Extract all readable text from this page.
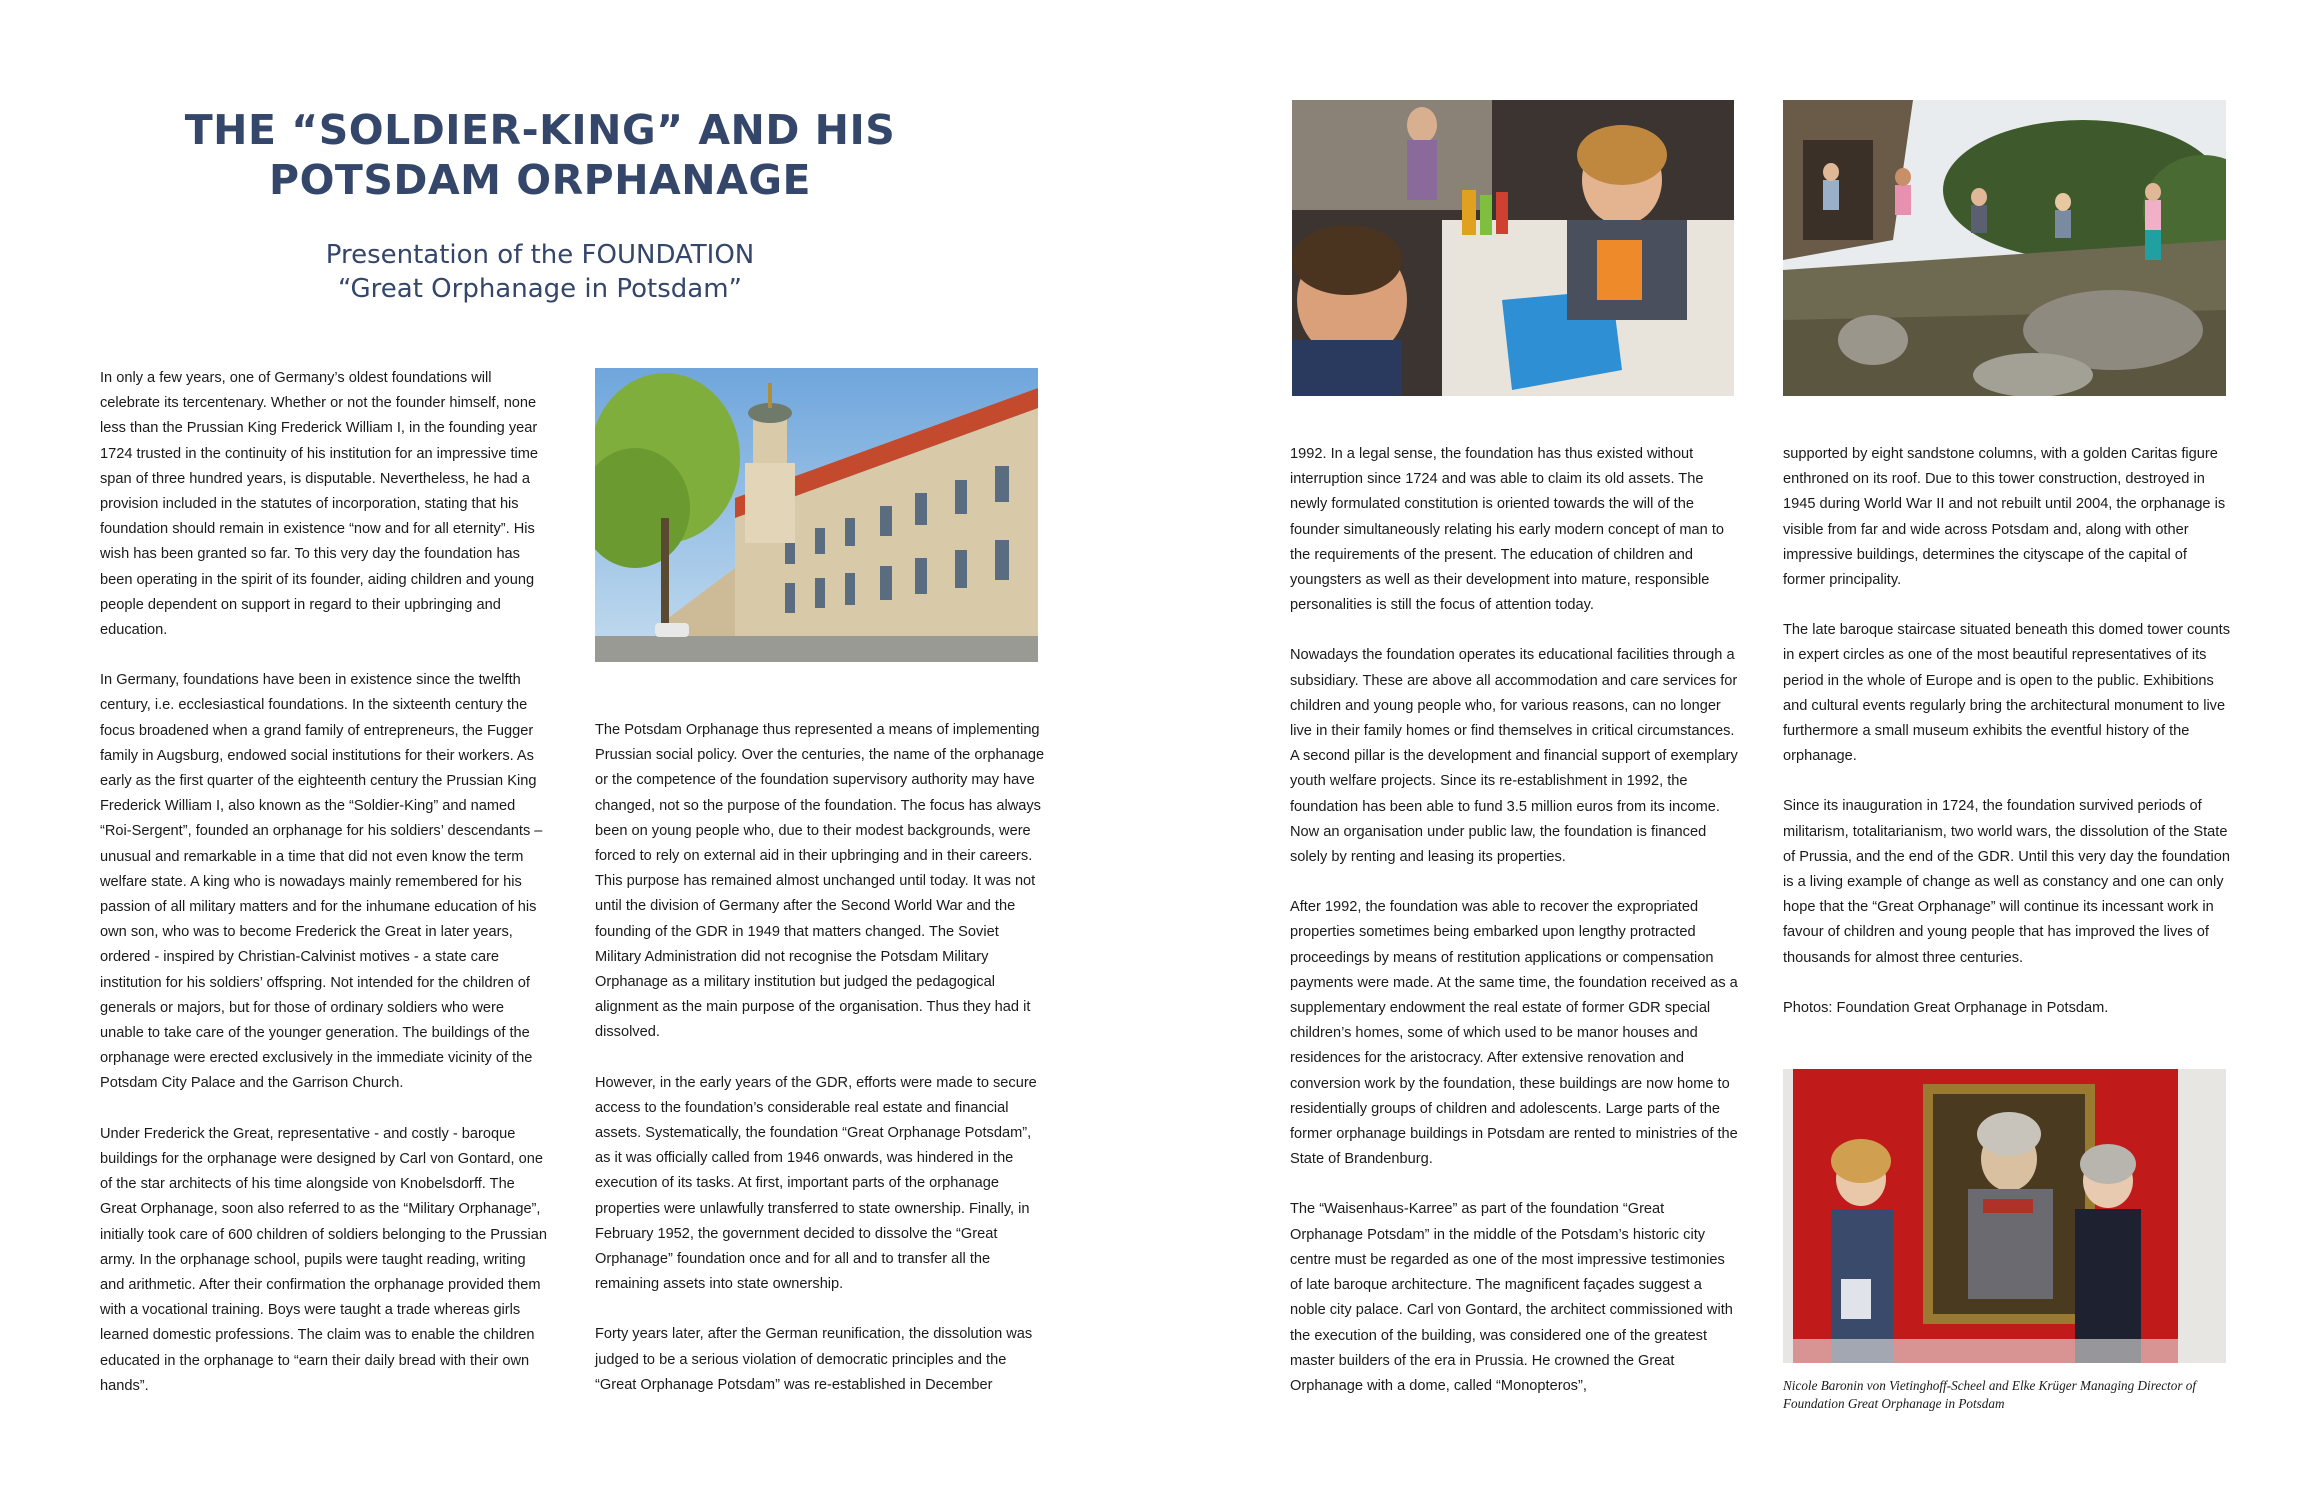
THE “SOLDIER-KING” AND HIS
POTSDAM ORPHANAGE
Presentation of the FOUNDATION
“Great Orphanage in Potsdam”

In only a few years, one of Germany’s oldest foundations will celebrate its tercentenary. Whether or not the founder himself, none less than the Prussian King Frederick William I, in the founding year 1724 trusted in the continuity of his institution for an impressive time span of three hundred years, is disputable. Nevertheless, he had a provision included in the statutes of incorporation, stating that his foundation should remain in existence “now and for all eternity”. His wish has been granted so far. To this very day the foundation has been operating in the spirit of its founder, aiding children and young people dependent on support in regard to their upbringing and education.

In Germany, foundations have been in existence since the twelfth century, i.e. ecclesiastical foundations. In the sixteenth century the focus broadened when a grand family of entrepreneurs, the Fugger family in Augsburg, endowed social institutions for their workers. As early as the first quarter of the eighteenth century the Prussian King Frederick William I, also known as the “Soldier-King” and named “Roi-Sergent”, founded an orphanage for his soldiers’ descendants – unusual and remarkable in a time that did not even know the term welfare state. A king who is nowadays mainly remembered for his passion of all military matters and for the inhumane education of his own son, who was to become Frederick the Great in later years, ordered - inspired by Christian-Calvinist motives - a state care institution for his soldiers’ offspring. Not intended for the children of generals or majors, but for those of ordinary soldiers who were unable to take care of the younger generation. The buildings of the orphanage were erected exclusively in the immediate vicinity of the Potsdam City Palace and the Garrison Church.

Under Frederick the Great, representative - and costly - baroque buildings for the orphanage were designed by Carl von Gontard, one of the star architects of his time alongside von Knobelsdorff. The Great Orphanage, soon also referred to as the “Military Orphanage”, initially took care of 600 children of soldiers belonging to the Prussian army. In the orphanage school, pupils were taught reading, writing and arithmetic. After their confirmation the orphanage provided them with a vocational training. Boys were taught a trade whereas girls learned domestic professions. The claim was to enable the children educated in the orphanage to “earn their daily bread with their own hands”.

The Potsdam Orphanage thus represented a means of implementing Prussian social policy. Over the centuries, the name of the orphanage or the competence of the foundation supervisory authority may have changed, not so the purpose of the foundation. The focus has always been on young people who, due to their modest backgrounds, were forced to rely on external aid in their upbringing and in their careers. This purpose has remained almost unchanged until today. It was not until the division of Germany after the Second World War and the founding of the GDR in 1949 that matters changed. The Soviet Military Administration did not recognise the Potsdam Military Orphanage as a military institution but judged the pedagogical alignment as the main purpose of the organisation. Thus they had it dissolved.

However, in the early years of the GDR, efforts were made to secure access to the foundation’s considerable real estate and financial assets. Systematically, the foundation “Great Orphanage Potsdam”, as it was officially called from 1946 onwards, was hindered in the execution of its tasks. At first, important parts of the orphanage properties were unlawfully transferred to state ownership. Finally, in February 1952, the government decided to dissolve the “Great Orphanage” foundation once and for all and to transfer all the remaining assets into state ownership.

Forty years later, after the German reunification, the dissolution was judged to be a serious violation of democratic principles and the “Great Orphanage Potsdam” was re-established in December

1992. In a legal sense, the foundation has thus existed without interruption since 1724 and was able to claim its old assets. The newly formulated constitution is oriented towards the will of the founder simultaneously relating his early modern concept of man to the requirements of the present. The education of children and youngsters as well as their development into mature, responsible personalities is still the focus of attention today.

Nowadays the foundation operates its educational facilities through a subsidiary. These are above all accommodation and care services for children and young people who, for various reasons, can no longer live in their family homes or find themselves in critical circumstances. A second pillar is the development and financial support of exemplary youth welfare projects. Since its re-establishment in 1992, the foundation has been able to fund 3.5 million euros from its income. Now an organisation under public law, the foundation is financed solely by renting and leasing its properties.

After 1992, the foundation was able to recover the expropriated properties sometimes being embarked upon lengthy protracted proceedings by means of restitution applications or compensation payments were made. At the same time, the foundation received as a supplementary endowment the real estate of former GDR special children’s homes, some of which used to be manor houses and residences for the aristocracy. After extensive renovation and conversion work by the foundation, these buildings are now home to residentially groups of children and adolescents. Large parts of the former orphanage buildings in Potsdam are rented to ministries of the State of Brandenburg.

The “Waisenhaus-Karree” as part of the foundation “Great Orphanage Potsdam” in the middle of the Potsdam’s historic city centre must be regarded as one of the most impressive testimonies of late baroque architecture. The magnificent façades suggest a noble city palace. Carl von Gontard, the architect commissioned with the execution of the building, was considered one of the greatest master builders of the era in Prussia. He crowned the Great Orphanage with a dome, called “Monopteros”,

supported by eight sandstone columns, with a golden Caritas figure enthroned on its roof. Due to this tower construction, destroyed in 1945 during World War II and not rebuilt until 2004, the orphanage is visible from far and wide across Potsdam and, along with other impressive buildings, determines the cityscape of the capital of former principality.

The late baroque staircase situated beneath this domed tower counts in expert circles as one of the most beautiful representatives of its period in the whole of Europe and is open to the public. Exhibitions and cultural events regularly bring the architectural monument to live furthermore a small museum exhibits the eventful history of the orphanage.

Since its inauguration in 1724, the foundation survived periods of militarism, totalitarianism, two world wars, the dissolution of the State of Prussia, and the end of the GDR. Until this very day the foundation is a living example of change as well as constancy and one can only hope that the “Great Orphanage” will continue its incessant work in favour of children and young people that has improved the lives of thousands for almost three centuries.

Photos: Foundation Great Orphanage in Potsdam.

Nicole Baronin von Vietinghoff-Scheel and Elke Krüger Managing Director of
Foundation Great Orphanage in Potsdam
